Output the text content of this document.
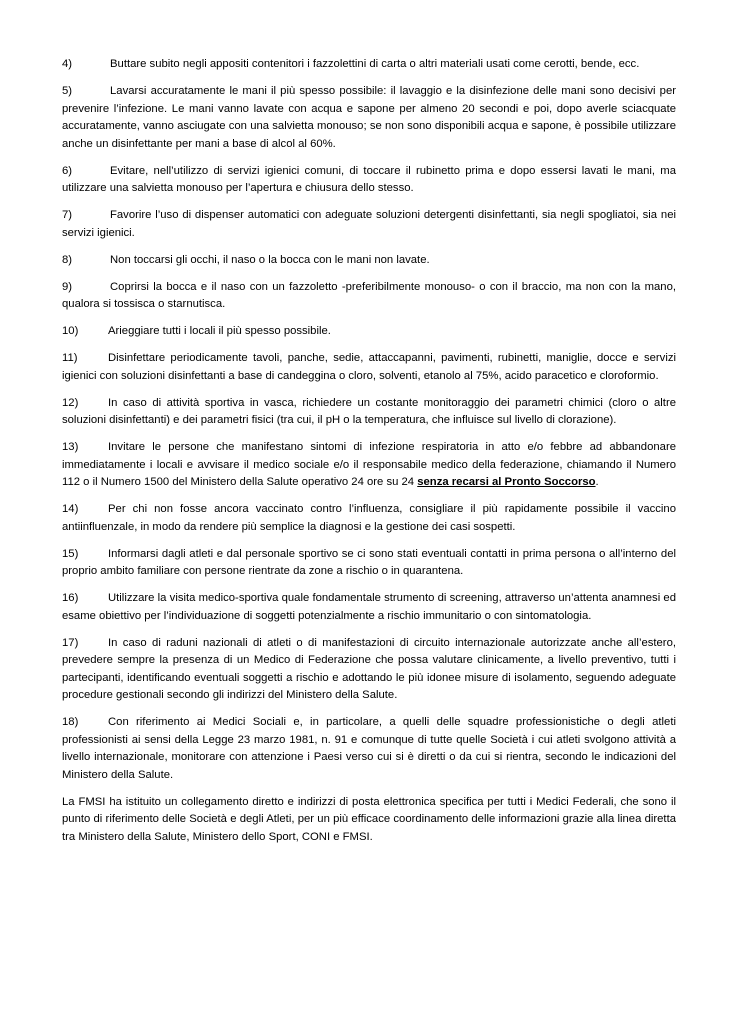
4)	Buttare subito negli appositi contenitori i fazzolettini di carta o altri materiali usati come cerotti, bende, ecc.

5)	Lavarsi accuratamente le mani il più spesso possibile: il lavaggio e la disinfezione delle mani sono decisivi per prevenire l’infezione. Le mani vanno lavate con acqua e sapone per almeno 20 secondi e poi, dopo averle sciacquate accuratamente, vanno asciugate con una salvietta monouso; se non sono disponibili acqua e sapone, è possibile utilizzare anche un disinfettante per mani a base di alcol al 60%.

6)	Evitare, nell’utilizzo di servizi igienici comuni, di toccare il rubinetto prima e dopo essersi lavati le mani, ma utilizzare una salvietta monouso per l’apertura e chiusura dello stesso.

7)	Favorire l’uso di dispenser automatici con adeguate soluzioni detergenti disinfettanti, sia negli spogliatoi, sia nei servizi igienici.

8)	Non toccarsi gli occhi, il naso o la bocca con le mani non lavate.

9)	Coprirsi la bocca e il naso con un fazzoletto -preferibilmente monouso- o con il braccio, ma non con la mano, qualora si tossisca o starnutisca.

10)	Arieggiare tutti i locali il più spesso possibile.

11)	Disinfettare periodicamente tavoli, panche, sedie, attaccapanni, pavimenti, rubinetti, maniglie, docce e servizi igienici con soluzioni disinfettanti a base di candeggina o cloro, solventi, etanolo al 75%, acido paracetico e cloroformio.

12)	In caso di attività sportiva in vasca, richiedere un costante monitoraggio dei parametri chimici (cloro o altre soluzioni disinfettanti) e dei parametri fisici (tra cui, il pH o la temperatura, che influisce sul livello di clorazione).

13)	Invitare le persone che manifestano sintomi di infezione respiratoria in atto e/o febbre ad abbandonare immediatamente i locali e avvisare il medico sociale e/o il responsabile medico della federazione, chiamando il Numero 112 o il Numero 1500 del Ministero della Salute operativo 24 ore su 24 senza recarsi al Pronto Soccorso.

14)	Per chi non fosse ancora vaccinato contro l’influenza, consigliare il più rapidamente possibile il vaccino antiinfluenzale, in modo da rendere più semplice la diagnosi e la gestione dei casi sospetti.

15)	Informarsi dagli atleti e dal personale sportivo se ci sono stati eventuali contatti in prima persona o all’interno del proprio ambito familiare con persone rientrate da zone a rischio o in quarantena.

16)	Utilizzare la visita medico-sportiva quale fondamentale strumento di screening, attraverso un’attenta anamnesi ed esame obiettivo per l’individuazione di soggetti potenzialmente a rischio immunitario o con sintomatologia.

17)	In caso di raduni nazionali di atleti o di manifestazioni di circuito internazionale autorizzate anche all’estero, prevedere sempre la presenza di un Medico di Federazione che possa valutare clinicamente, a livello preventivo, tutti i partecipanti, identificando eventuali soggetti a rischio e adottando le più idonee misure di isolamento, seguendo adeguate procedure gestionali secondo gli indirizzi del Ministero della Salute.

18)	Con riferimento ai Medici Sociali e, in particolare, a quelli delle squadre professionistiche o degli atleti professionisti ai sensi della Legge 23 marzo 1981, n. 91 e comunque di tutte quelle Società i cui atleti svolgono attività a livello internazionale, monitorare con attenzione i Paesi verso cui si è diretti o da cui si rientra, secondo le indicazioni del Ministero della Salute.

La FMSI ha istituito un collegamento diretto e indirizzi di posta elettronica specifica per tutti i Medici Federali, che sono il punto di riferimento delle Società e degli Atleti, per un più efficace coordinamento delle informazioni grazie alla linea diretta tra Ministero della Salute, Ministero dello Sport, CONI e FMSI.
